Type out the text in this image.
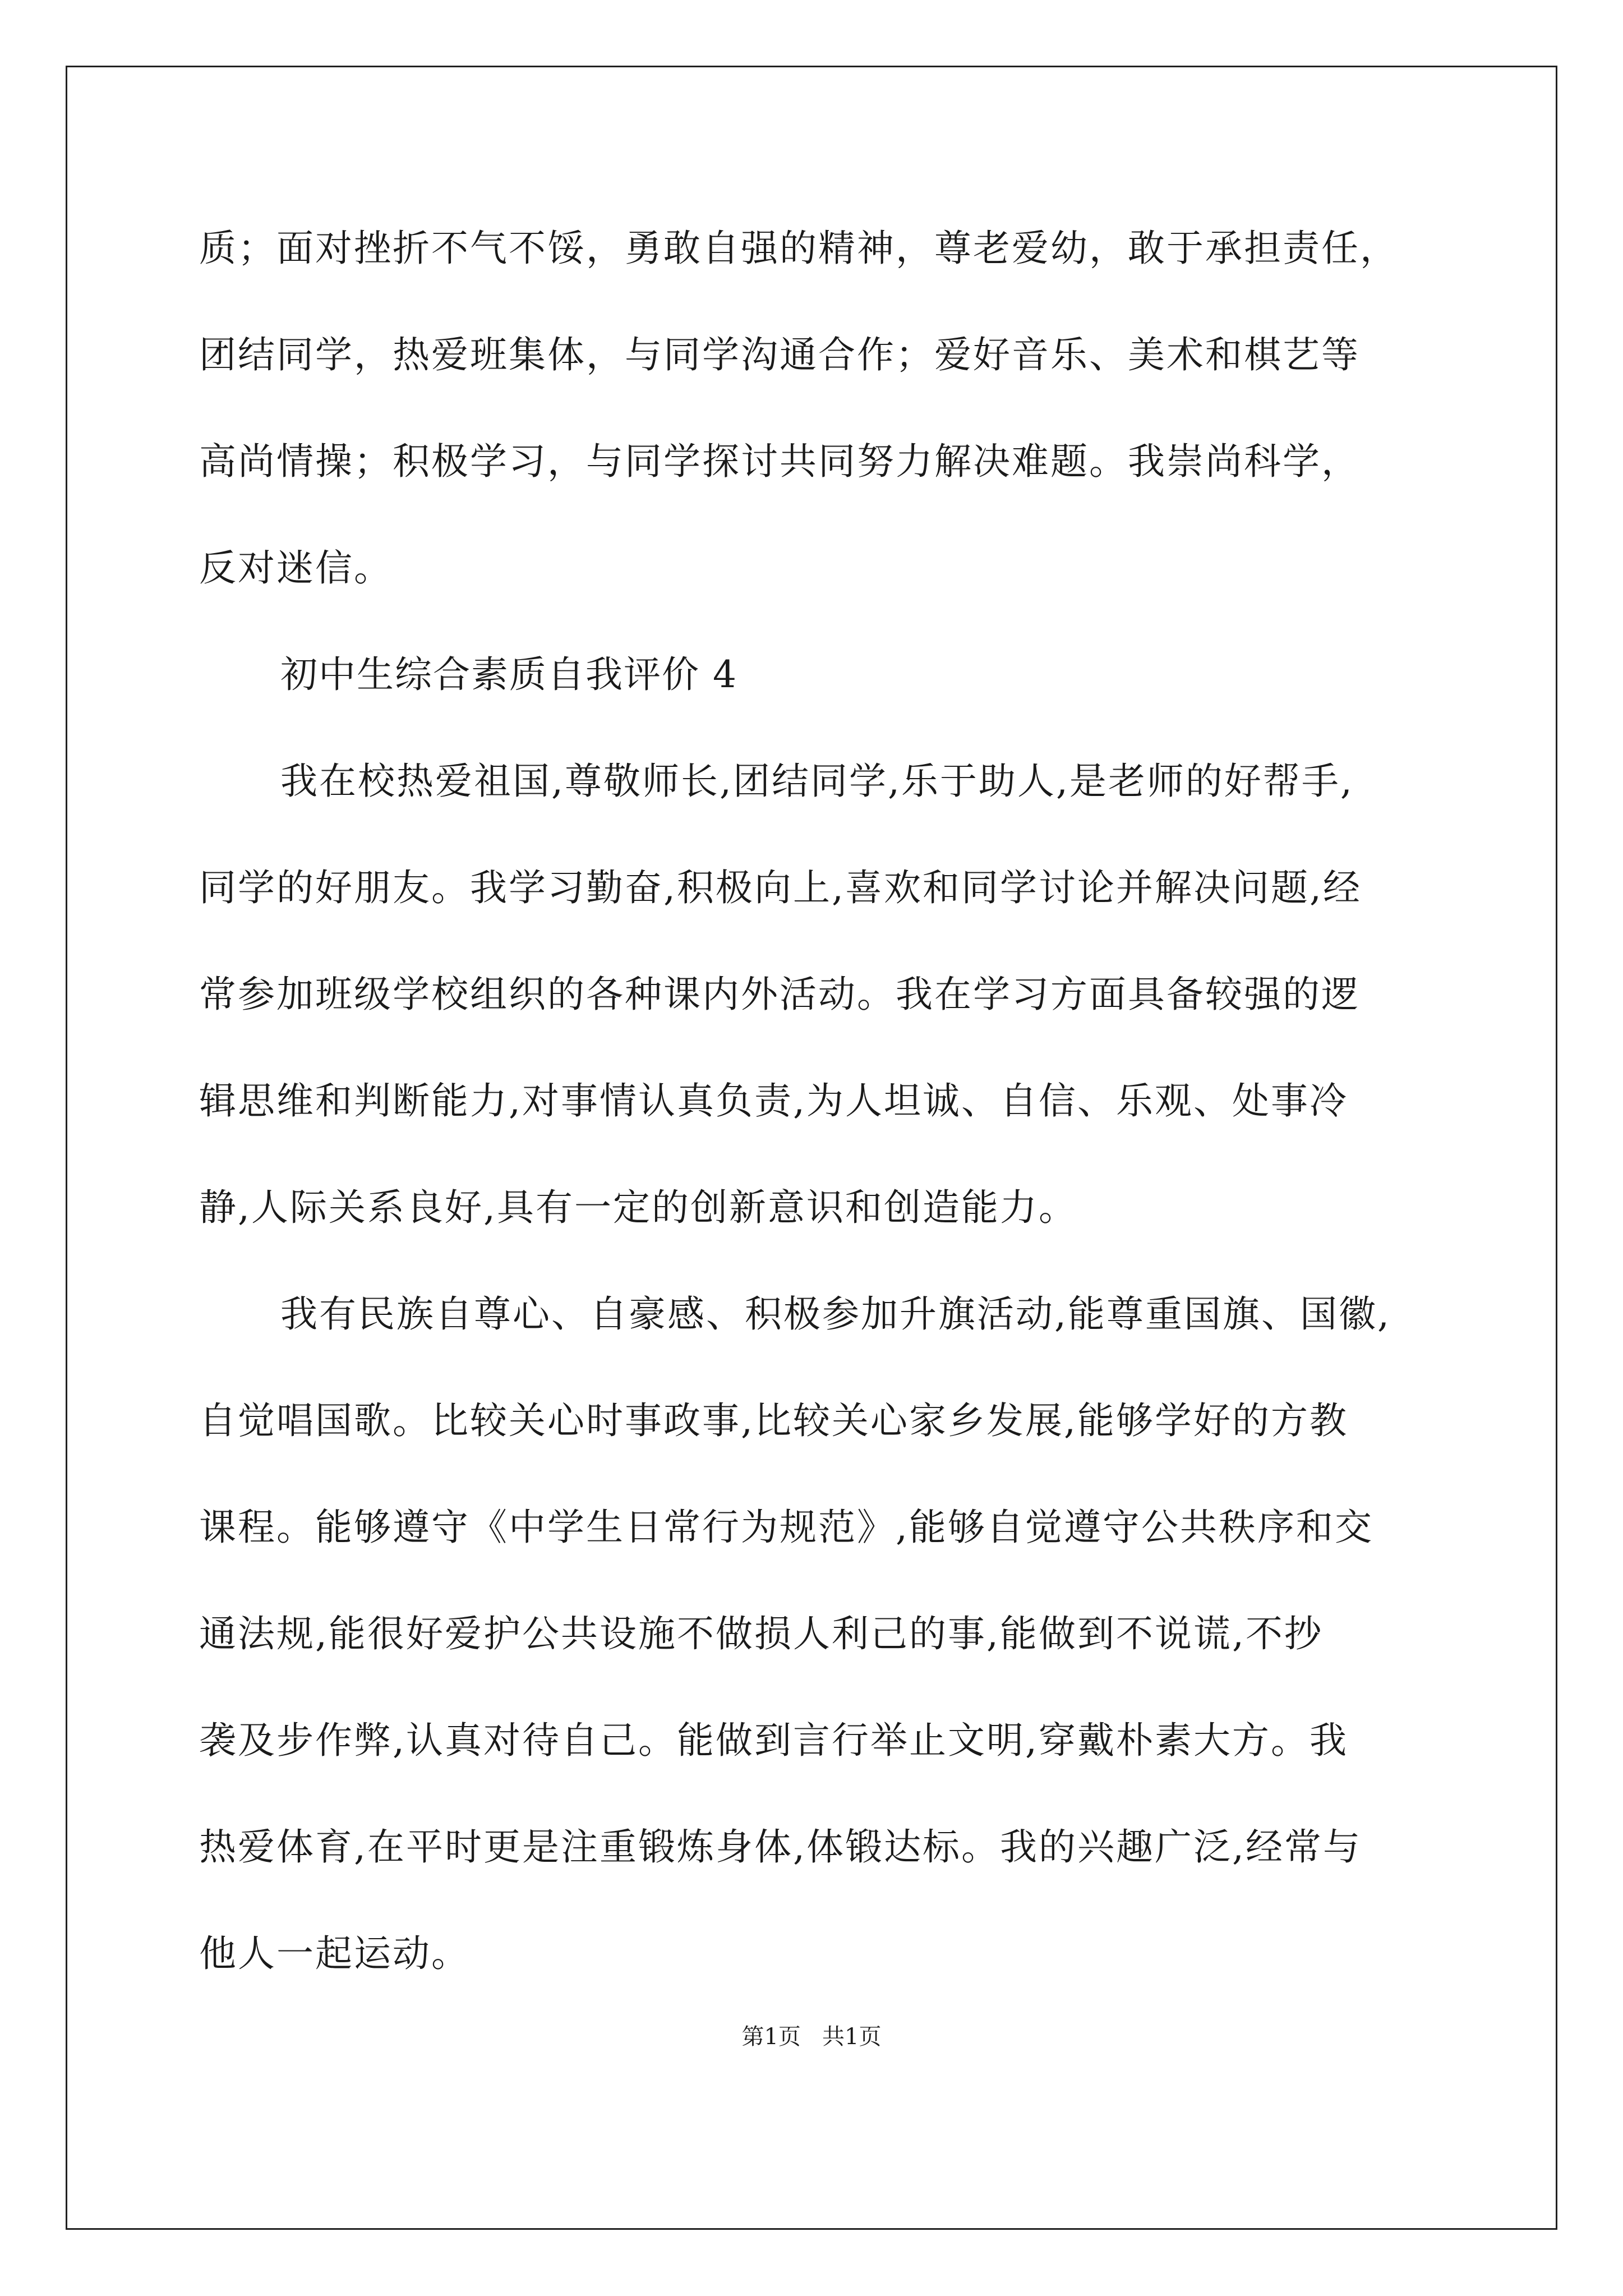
质；面对挫折不气不馁，勇敢自强的精神，尊老爱幼，敢于承担责任，
团结同学，热爱班集体，与同学沟通合作；爱好音乐、美术和棋艺等
高尚情操；积极学习，与同学探讨共同努力解决难题。我崇尚科学，
反对迷信。
初中生综合素质自我评价 4
我在校热爱祖国,尊敬师长,团结同学,乐于助人,是老师的好帮手,
同学的好朋友。我学习勤奋,积极向上,喜欢和同学讨论并解决问题,经
常参加班级学校组织的各种课内外活动。我在学习方面具备较强的逻
辑思维和判断能力,对事情认真负责,为人坦诚、自信、乐观、处事冷
静,人际关系良好,具有一定的创新意识和创造能力。
我有民族自尊心、自豪感、积极参加升旗活动,能尊重国旗、国徽,
自觉唱国歌。比较关心时事政事,比较关心家乡发展,能够学好的方教
课程。能够遵守《中学生日常行为规范》,能够自觉遵守公共秩序和交
通法规,能很好爱护公共设施不做损人利己的事,能做到不说谎,不抄
袭及步作弊,认真对待自己。能做到言行举止文明,穿戴朴素大方。我
热爱体育,在平时更是注重锻炼身体,体锻达标。我的兴趣广泛,经常与
他人一起运动。
第1页   共1页
